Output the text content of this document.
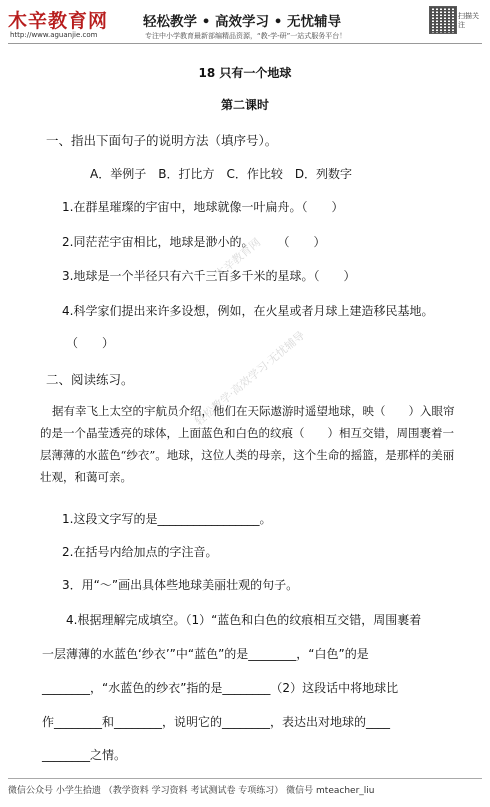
木辛教育网
http://www.aguanjie.com
轻松教学 • 高效学习 • 无忧辅导
专注中小学教育最新部编精品资源，“教-学-研”一站式服务平台！
扫描关注
木辛教育网
轻松教学·高效学习·无忧辅导
18 只有一个地球
第二课时
一、指出下面句子的说明方法（填序号）。
A．举例子　B．打比方　C．作比较　D．列数字
1.在群星璀璨的宇宙中，地球就像一叶扁舟。（　　）
2.同茫茫宇宙相比，地球是渺小的。　　　（　　）
3.地球是一个半径只有六千三百多千米的星球。（　　）
4.科学家们提出来许多设想，例如，在火星或者月球上建造移民基地。
（　　）
二、阅读练习。
据有幸飞上太空的宇航员介绍，他们在天际遨游时遥望地球，映（　　）入眼帘的是一个晶莹透亮的球体，上面蓝色和白色的纹痕（　　）相互交错，周围裹着一层薄薄的水蓝色“纱衣”。地球，这位人类的母亲，这个生命的摇篮，是那样的美丽壮观，和蔼可亲。
1.这段文字写的是_________________。
2.在括号内给加点的字注音。
3．用“～”画出具体些地球美丽壮观的句子。
4.根据理解完成填空。（1）“蓝色和白色的纹痕相互交错，周围裹着
一层薄薄的水蓝色‘纱衣’”中“蓝色”的是________，“白色”的是
________，“水蓝色的纱衣”指的是________（2）这段话中将地球比
作________和________，说明它的________，表达出对地球的____
________之情。
微信公众号 小学生拾遗 （教学资料 学习资料 考试测试卷 专项练习） 微信号 mteacher_liu
